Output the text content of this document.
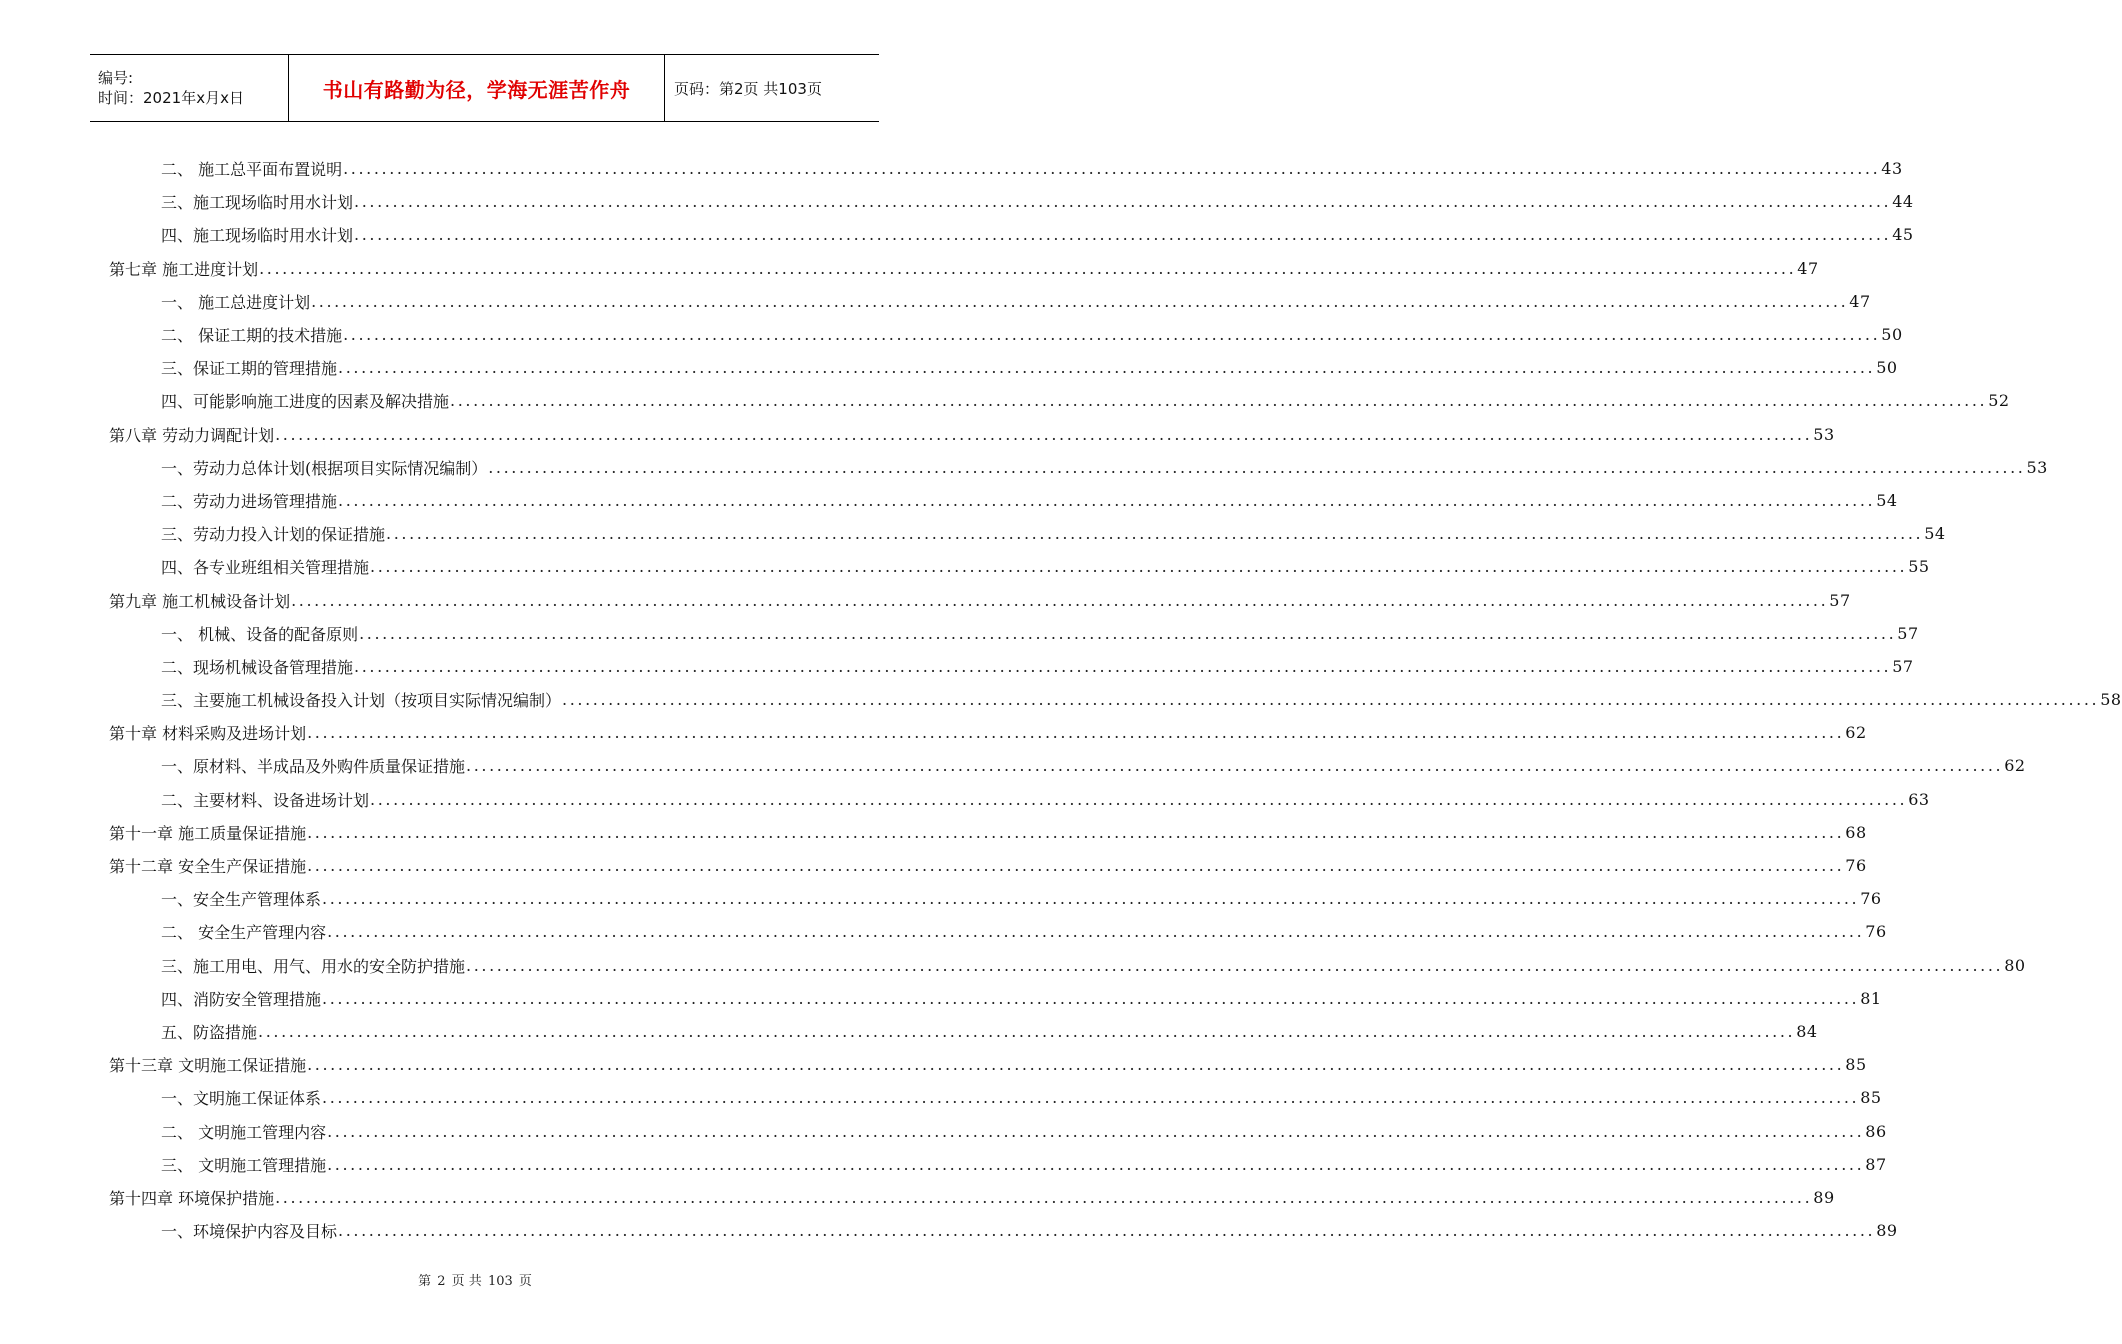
编号:
时间：2021年x月x日	书山有路勤为径，学海无涯苦作舟	页码：第2页 共103页
二、 施工总平面布置说明 ........................................................................................................................................................................................................ 43
三、施工现场临时用水计划 ........................................................................................................................................................................................................ 44
四、施工现场临时用水计划 ........................................................................................................................................................................................................ 45
第七章 施工进度计划 ........................................................................................................................................................................................................ 47
一、 施工总进度计划 ........................................................................................................................................................................................................ 47
二、 保证工期的技术措施 ........................................................................................................................................................................................................ 50
三、保证工期的管理措施 ........................................................................................................................................................................................................ 50
四、可能影响施工进度的因素及解决措施 ........................................................................................................................................................................................................ 52
第八章 劳动力调配计划 ........................................................................................................................................................................................................ 53
一、劳动力总体计划(根据项目实际情况编制） ........................................................................................................................................................................................................ 53
二、劳动力进场管理措施 ........................................................................................................................................................................................................ 54
三、劳动力投入计划的保证措施 ........................................................................................................................................................................................................ 54
四、各专业班组相关管理措施 ........................................................................................................................................................................................................ 55
第九章 施工机械设备计划 ........................................................................................................................................................................................................ 57
一、 机械、设备的配备原则 ........................................................................................................................................................................................................ 57
二、现场机械设备管理措施 ........................................................................................................................................................................................................ 57
三、主要施工机械设备投入计划（按项目实际情况编制） ........................................................................................................................................................................................................ 58
第十章 材料采购及进场计划 ........................................................................................................................................................................................................ 62
一、原材料、半成品及外购件质量保证措施 ........................................................................................................................................................................................................ 62
二、主要材料、设备进场计划 ........................................................................................................................................................................................................ 63
第十一章 施工质量保证措施 ........................................................................................................................................................................................................ 68
第十二章 安全生产保证措施 ........................................................................................................................................................................................................ 76
一、安全生产管理体系 ........................................................................................................................................................................................................ 76
二、 安全生产管理内容 ........................................................................................................................................................................................................ 76
三、施工用电、用气、用水的安全防护措施 ........................................................................................................................................................................................................ 80
四、消防安全管理措施 ........................................................................................................................................................................................................ 81
五、防盗措施 ........................................................................................................................................................................................................ 84
第十三章 文明施工保证措施 ........................................................................................................................................................................................................ 85
一、文明施工保证体系 ........................................................................................................................................................................................................ 85
二、 文明施工管理内容 ........................................................................................................................................................................................................ 86
三、 文明施工管理措施 ........................................................................................................................................................................................................ 87
第十四章 环境保护措施 ........................................................................................................................................................................................................ 89
一、环境保护内容及目标 ........................................................................................................................................................................................................ 89
第 2 页 共 103 页
